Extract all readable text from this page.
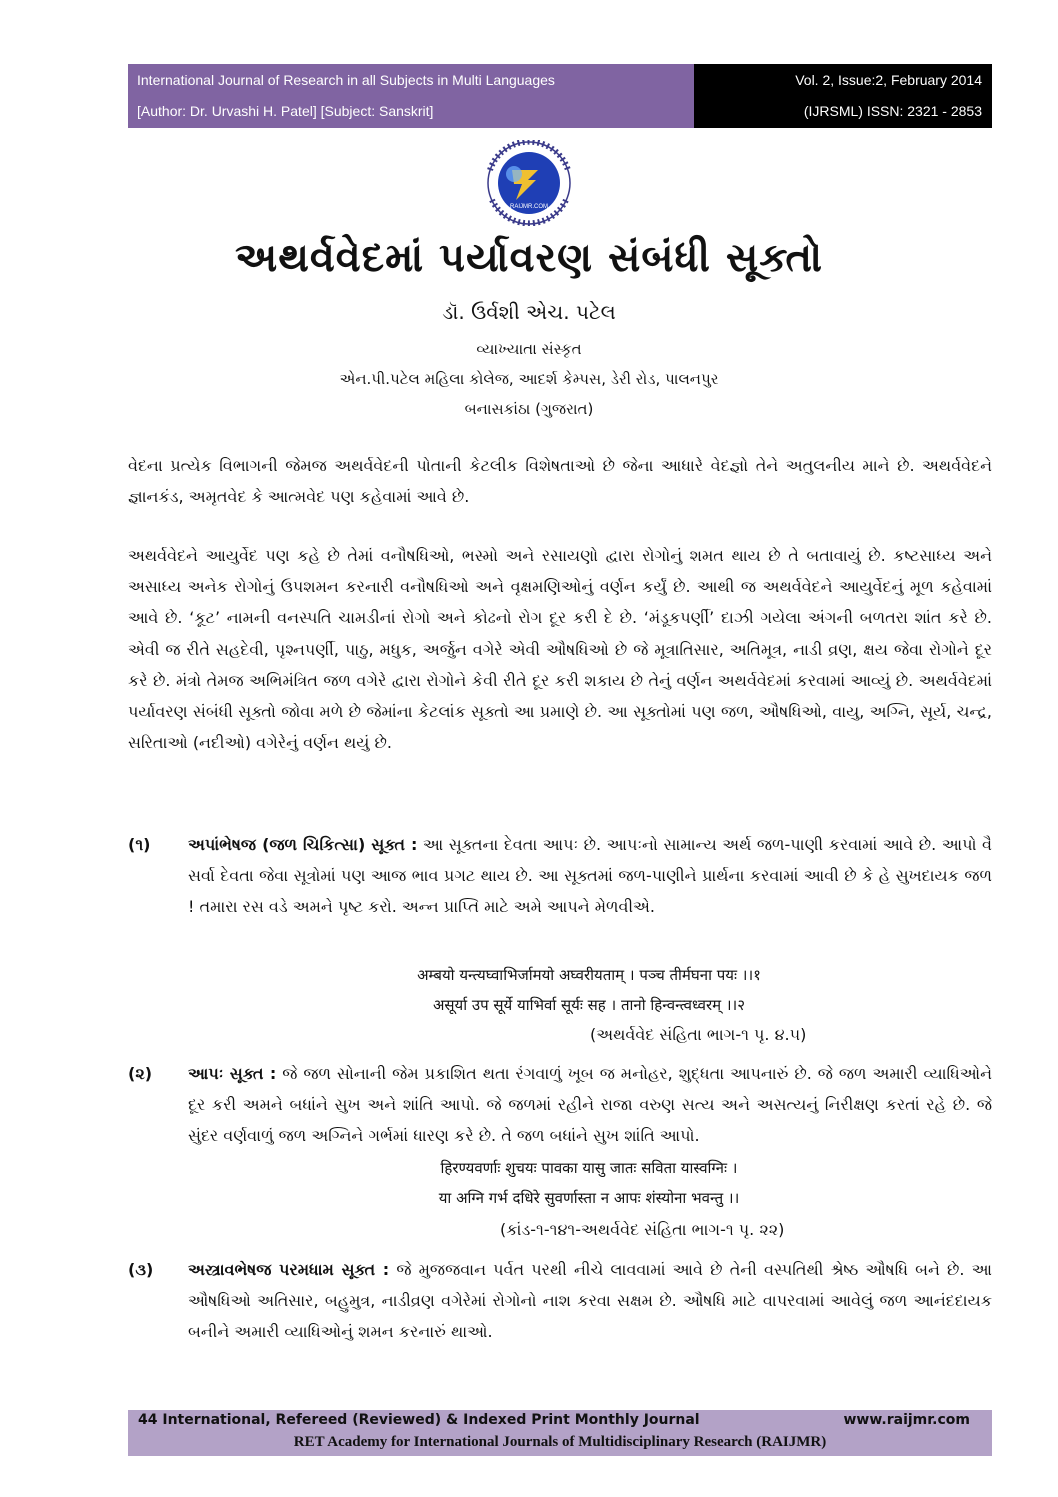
International Journal of Research in all Subjects in Multi Languages
[Author: Dr. Urvashi H. Patel] [Subject: Sanskrit]
Vol. 2, Issue:2, February 2014
(IJRSML) ISSN: 2321 - 2853
RAIJMR.COM
અથર્વવેદમાં પર્યાવરણ સંબંધી સૂક્તો
ડૉ. ઉર્વશી એચ. પટેલ
વ્યાખ્યાતા સંસ્કૃત
એન.પી.પટેલ મહિલા કોલેજ, આદર્શ કેમ્પસ, ડેરી રોડ, પાલનપુર
બનાસકાંઠા (ગુજરાત)
વેદના પ્રત્યેક વિભાગની જેમજ અથર્વવેદની પોતાની કેટલીક વિશેષતાઓ છે જેના આધારે વેદજ્ઞો તેને અતુલનીય માને છે. અથર્વવેદને જ્ઞાનકંડ, અમૃતવેદ કે આત્મવેદ પણ કહેવામાં આવે છે.
અથર્વવેદને આયુર્વેદ પણ કહે છે તેમાં વનૌષધિઓ, ભસ્મો અને રસાયણો દ્વારા રોગોનું શમત થાય છે તે બતાવાયું છે. કષ્ટસાધ્ય અને અસાધ્ય અનેક રોગોનું ઉપશમન કરનારી વનૌષધિઓ અને વૃક્ષમણિઓનું વર્ણન કર્યું છે. આથી જ અથર્વવેદને આયુર્વેદનું મૂળ કહેવામાં આવે છે. ‘કૂટ’ નામની વનસ્પતિ ચામડીનાં રોગો અને કોઢનો રોગ દૂર કરી દે છે. ‘મંડૂકપર્ણી’ દાઝી ગયેલા અંગની બળતરા શાંત કરે છે. એવી જ રીતે સહદેવી, પૃશ્નપર્ણી, પાઠુ, મધુક, અર્જુન વગેરે એવી ઔષધિઓ છે જે મૂત્રાતિસાર, અતિમૂત્ર, નાડી વ્રણ, ક્ષય જેવા રોગોને દૂર કરે છે. મંત્રો તેમજ અભિમંત્રિત જળ વગેરે દ્વારા રોગોને કેવી રીતે દૂર કરી શકાય છે તેનું વર્ણન અથર્વવેદમાં કરવામાં આવ્યું છે. અથર્વવેદમાં પર્યાવરણ સંબંધી સૂક્તો જોવા મળે છે જેમાંના કેટલાંક સૂક્તો આ પ્રમાણે છે. આ સૂક્તોમાં પણ જળ, ઔષધિઓ, વાયુ, અગ્નિ, સૂર્ય, ચન્દ્ર, સરિતાઓ (નદીઓ) વગેરેનું વર્ણન થયું છે.
(૧) અપાંભેષજ (જળ ચિકિત્સા) સૂક્ત : આ સૂક્તના દેવતા આપઃ છે. આપઃનો સામાન્ય અર્થ જળ-પાણી કરવામાં આવે છે. આપો વૈ સર્વા દેવતા જેવા સૂત્રોમાં પણ આજ ભાવ પ્રગટ થાય છે. આ સૂક્તમાં જળ-પાણીને પ્રાર્થના કરવામાં આવી છે કે હે સુખદાયક જળ ! તમારા રસ વડે અમને પૃષ્ટ કરો. અન્ન પ્રાપ્તિ માટે અમે આપને મેળવીએ.
अम्बयो यन्त्यघ्वाभिर्जामयो अघ्वरीयताम् । पञ्च तीर्मघना पयः ।।१
असूर्या उप सूर्ये याभिर्वा सूर्यः सह । तानो हिन्वन्त्वध्वरम् ।।२
(અથર્વવેદ સંહિતા ભાગ-૧ પૃ. ૪.૫)
(૨) આપઃ સૂક્ત : જે જળ સોનાની જેમ પ્રકાશિત થતા રંગવાળું ખૂબ જ મનોહર, શુદ્ધતા આપનારું છે. જે જળ અમારી વ્યાધિઓને દૂર કરી અમને બધાંને સુખ અને શાંતિ આપો. જે જળમાં રહીને રાજા વરુણ સત્ય અને અસત્યનું નિરીક્ષણ કરતાં રહે છે. જે સુંદર વર્ણવાળું જળ અગ્નિને ગર્ભમાં ધારણ કરે છે. તે જળ બધાંને સુખ શાંતિ આપો.
हिरण्यवर्णाः शुचयः पावका यासु जातः सविता यास्वग्निः ।
या अग्नि गर्भ दधिरे सुवर्णास्ता न आपः शंस्योना भवन्तु ।।
(કાંડ-૧-૧૪૧-અથર્વવેદ સંહિતા ભાગ-૧ પૃ. ૨૨)
(૩) અસ્ત્રાવભેષજ પરમધામ સૂક્ત : જે મુજજવાન પર્વત પરથી નીચે લાવવામાં આવે છે તેની વસ્પતિથી શ્રેષ્ઠ ઔષધિ બને છે. આ ઔષધિઓ અતિસાર, બહુમુત્ર, નાડીવ્રણ વગેરેમાં રોગોનો નાશ કરવા સક્ષમ છે. ઔષધિ માટે વાપરવામાં આવેલું જળ આનંદદાયક બનીને અમારી વ્યાધિઓનું શમન કરનારું થાઓ.
44 International, Refereed (Reviewed) & Indexed Print Monthly Journal	www.raijmr.com
RET Academy for International Journals of Multidisciplinary Research (RAIJMR)
